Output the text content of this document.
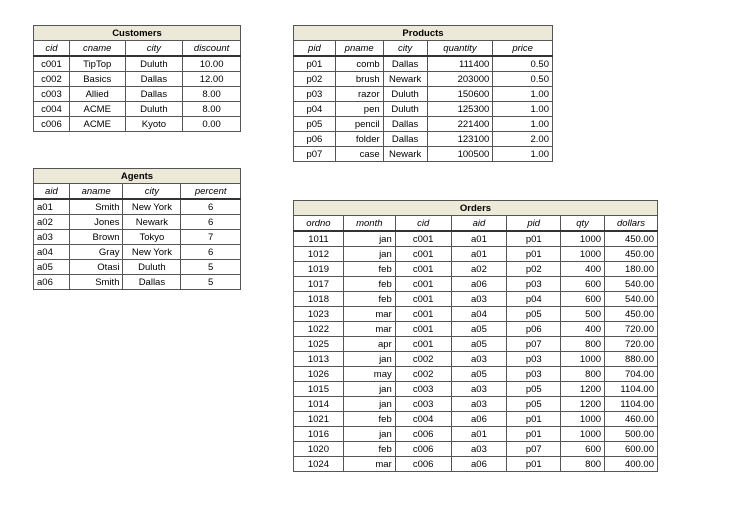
Customers			
cid	cname	city	discount
c001	TipTop	Duluth	10.00
c002	Basics	Dallas	12.00
c003	Allied	Dallas	8.00
c004	ACME	Duluth	8.00
c006	ACME	Kyoto	0.00
Products				
pid	pname	city	quantity	price
p01	comb	Dallas	111400	0.50
p02	brush	Newark	203000	0.50
p03	razor	Duluth	150600	1.00
p04	pen	Duluth	125300	1.00
p05	pencil	Dallas	221400	1.00
p06	folder	Dallas	123100	2.00
p07	case	Newark	100500	1.00
Agents			
aid	aname	city	percent
a01	Smith	New York	6
a02	Jones	Newark	6
a03	Brown	Tokyo	7
a04	Gray	New York	6
a05	Otasi	Duluth	5
a06	Smith	Dallas	5
Orders						
ordno	month	cid	aid	pid	qty	dollars
1011	jan	c001	a01	p01	1000	450.00
1012	jan	c001	a01	p01	1000	450.00
1019	feb	c001	a02	p02	400	180.00
1017	feb	c001	a06	p03	600	540.00
1018	feb	c001	a03	p04	600	540.00
1023	mar	c001	a04	p05	500	450.00
1022	mar	c001	a05	p06	400	720.00
1025	apr	c001	a05	p07	800	720.00
1013	jan	c002	a03	p03	1000	880.00
1026	may	c002	a05	p03	800	704.00
1015	jan	c003	a03	p05	1200	1104.00
1014	jan	c003	a03	p05	1200	1104.00
1021	feb	c004	a06	p01	1000	460.00
1016	jan	c006	a01	p01	1000	500.00
1020	feb	c006	a03	p07	600	600.00
1024	mar	c006	a06	p01	800	400.00
